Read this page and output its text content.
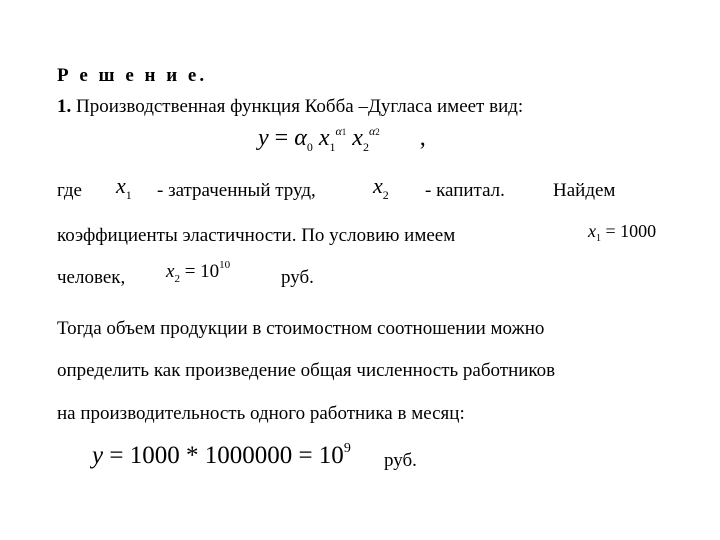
Р е ш е н и е.
1. Производственная функция Кобба –Дугласа имеет вид:
$y = \alpha_0$ $x_1^{\alpha 1}$ $x_2^{\alpha 2}$ ,
где $x_1$ - затраченный труд,	$x_2$ - капитал.	Найдем
коэффициенты эластичности. По условию имеем	$x_1 = 1000$
человек, $x_2 = 10^{10}$
руб.
Тогда объем продукции в стоимостном соотношении можно
определить как произведение общая численность работников
на производительность одного работника в месяц:
$y = 1000 * 1000000 = 10^9$
руб.
